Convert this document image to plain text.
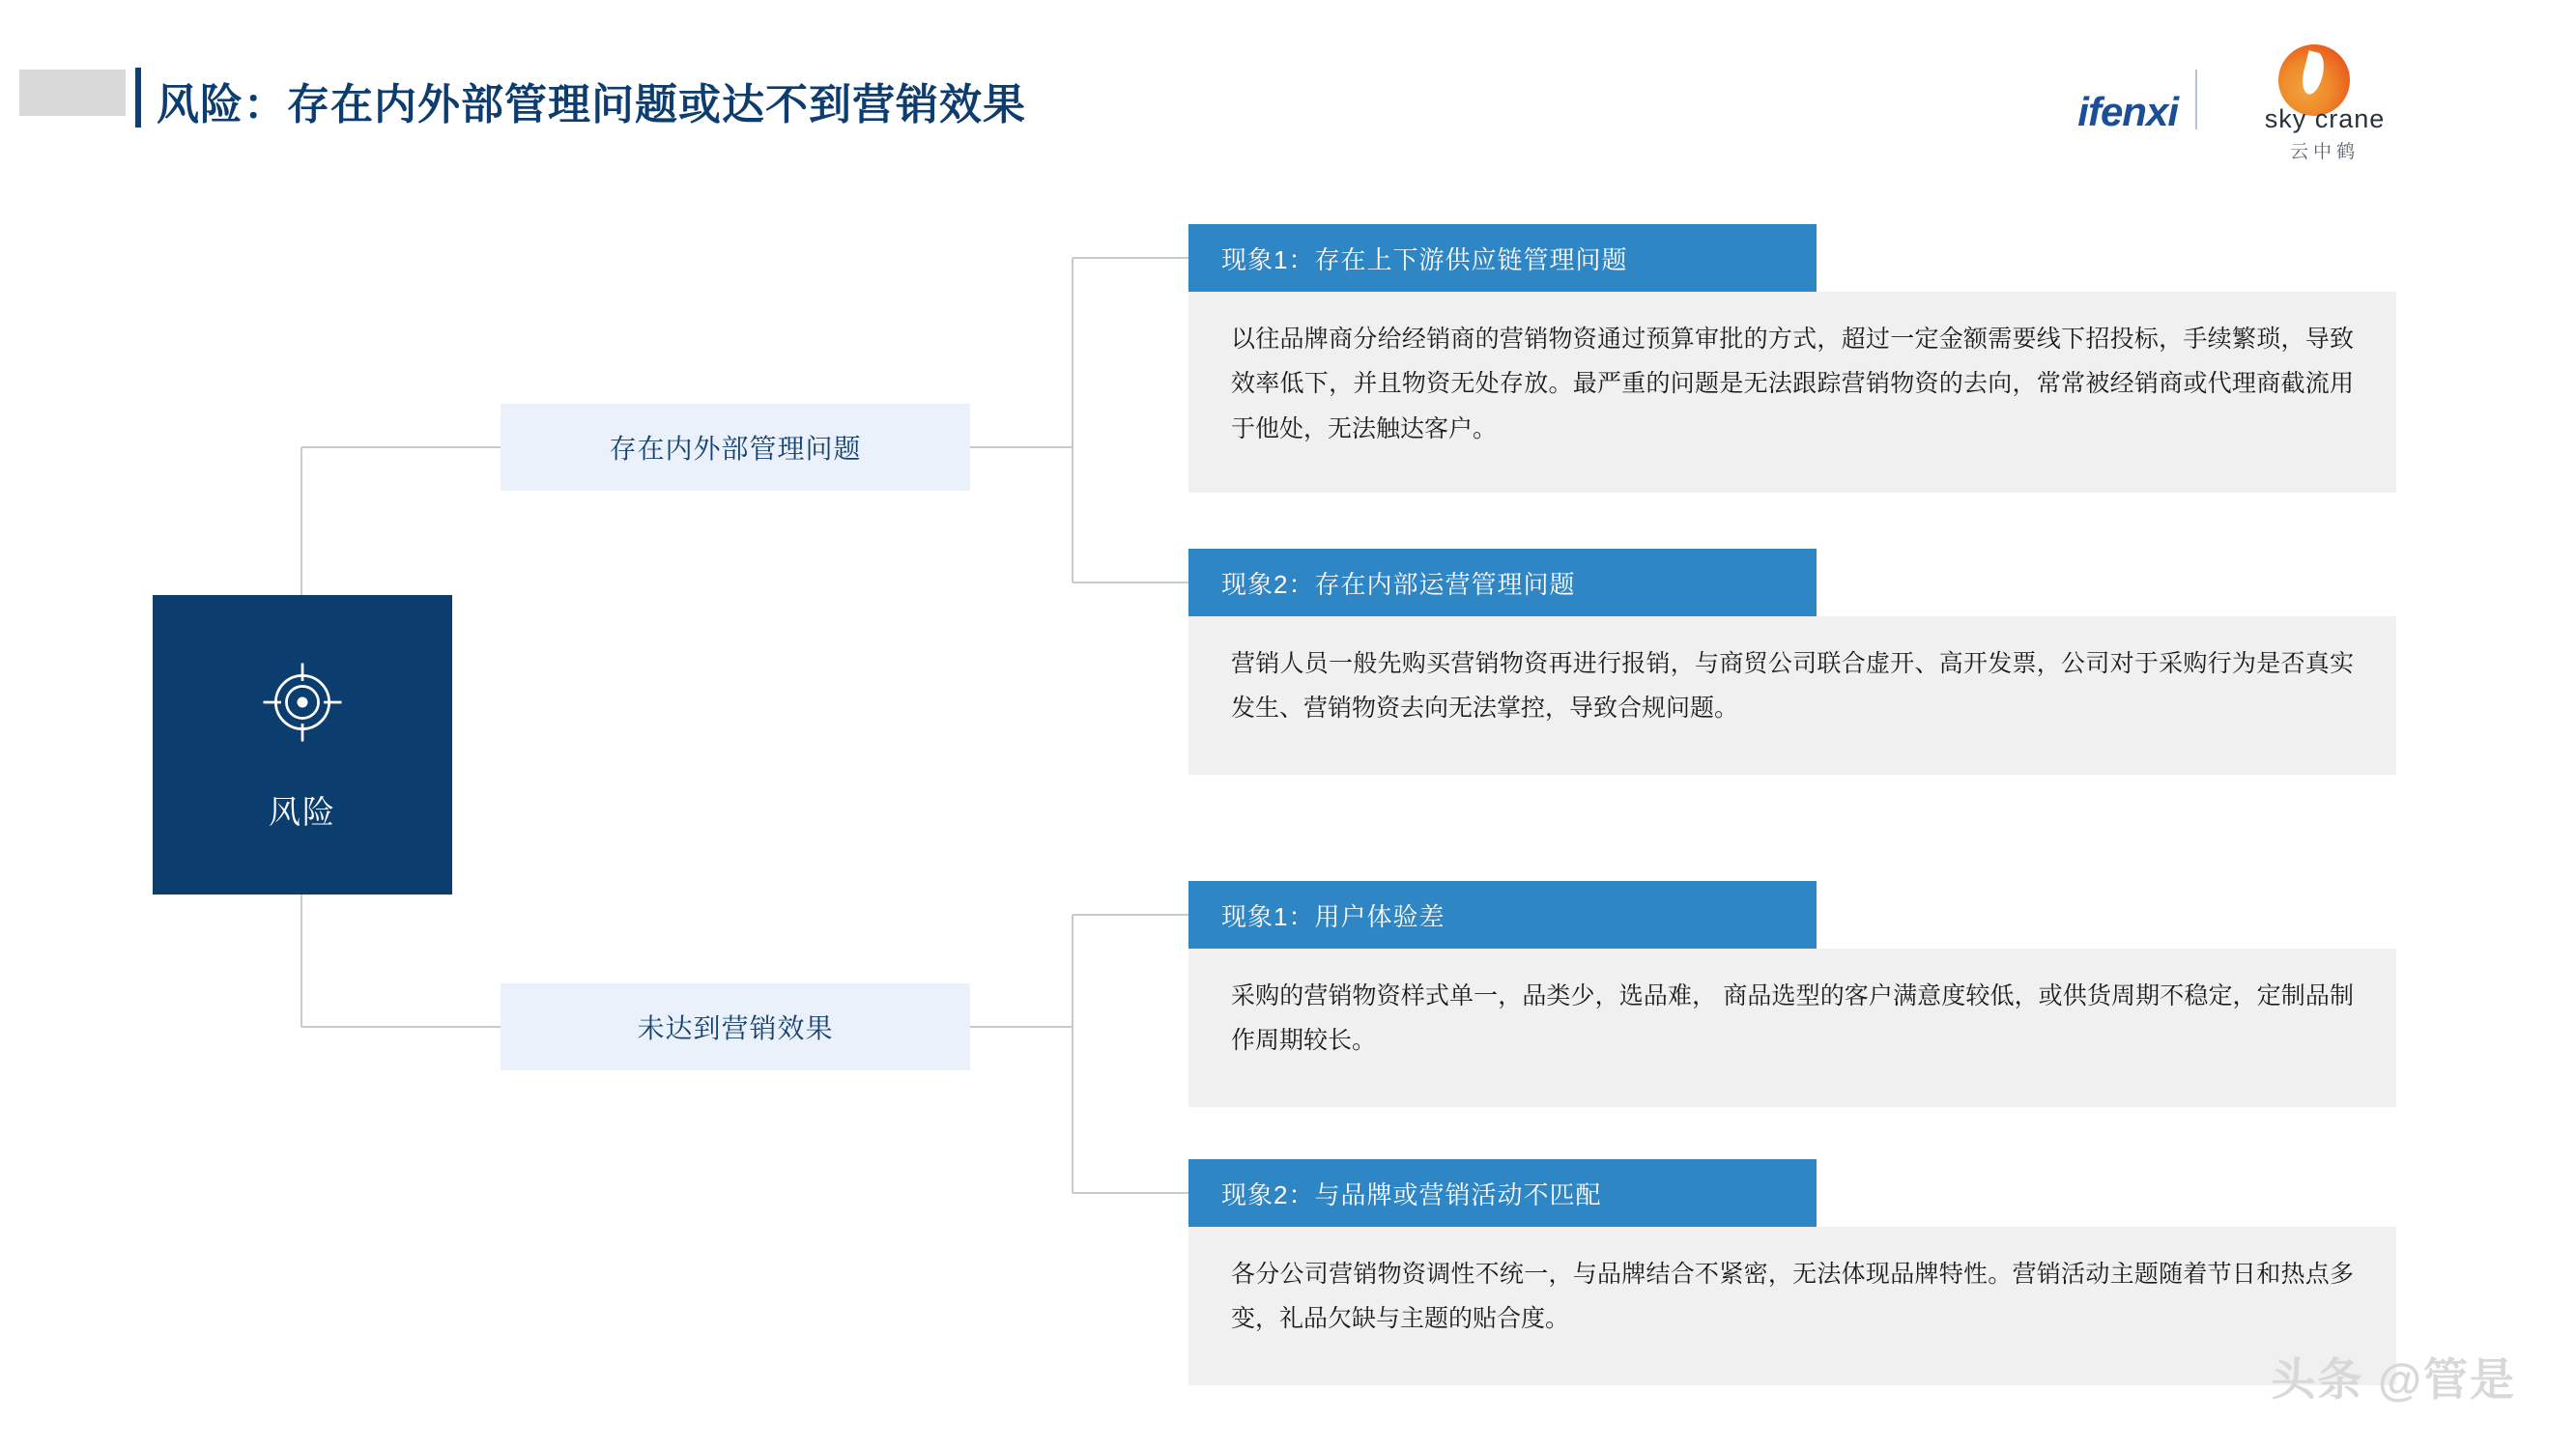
风险：存在内外部管理问题或达不到营销效果	ifenxi	sky crane
云中鹤
风险
存在内外部管理问题
未达到营销效果
现象1：存在上下游供应链管理问题
以往品牌商分给经销商的营销物资通过预算审批的方式，超过一定金额需要线下招投标，手续繁琐，导致效率低下，并且物资无处存放。最严重的问题是无法跟踪营销物资的去向，常常被经销商或代理商截流用于他处，无法触达客户。
现象2：存在内部运营管理问题
营销人员一般先购买营销物资再进行报销，与商贸公司联合虚开、高开发票，公司对于采购行为是否真实发生、营销物资去向无法掌控，导致合规问题。
现象1：用户体验差
采购的营销物资样式单一，品类少，选品难， 商品选型的客户满意度较低，或供货周期不稳定，定制品制作周期较长。
现象2：与品牌或营销活动不匹配
各分公司营销物资调性不统一，与品牌结合不紧密，无法体现品牌特性。营销活动主题随着节日和热点多变，礼品欠缺与主题的贴合度。
头条 @管是
